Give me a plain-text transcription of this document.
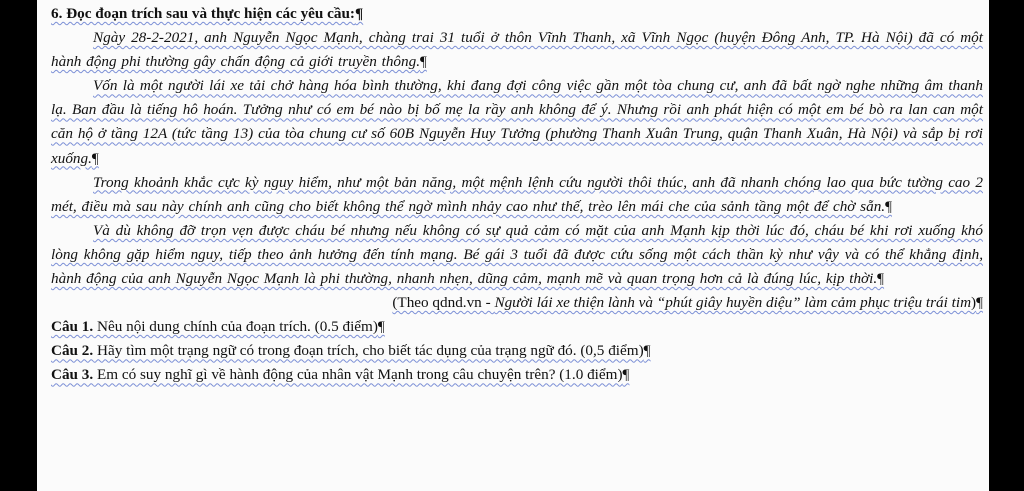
6. Đọc đoạn trích sau và thực hiện các yêu cầu:¶
Ngày 28-2-2021, anh Nguyễn Ngọc Mạnh, chàng trai 31 tuổi ở thôn Vĩnh Thanh, xã Vĩnh Ngọc (huyện Đông Anh, TP. Hà Nội) đã có một hành động phi thường gây chấn động cả giới truyền thông.¶
Vốn là một người lái xe tải chở hàng hóa bình thường, khi đang đợi công việc gần một tòa chung cư, anh đã bất ngờ nghe những âm thanh lạ. Ban đầu là tiếng hô hoán. Tưởng như có em bé nào bị bố mẹ la rầy anh không để ý. Nhưng rồi anh phát hiện có một em bé bò ra lan can một căn hộ ở tầng 12A (tức tầng 13) của tòa chung cư số 60B Nguyễn Huy Tưởng (phường Thanh Xuân Trung, quận Thanh Xuân, Hà Nội) và sắp bị rơi xuống.¶
Trong khoảnh khắc cực kỳ nguy hiểm, như một bản năng, một mệnh lệnh cứu người thôi thúc, anh đã nhanh chóng lao qua bức tường cao 2 mét, điều mà sau này chính anh cũng cho biết không thể ngờ mình nhảy cao như thế, trèo lên mái che của sảnh tầng một để chờ sẵn.¶
Và dù không đỡ trọn vẹn được cháu bé nhưng nếu không có sự quả cảm có mặt của anh Mạnh kịp thời lúc đó, cháu bé khi rơi xuống khó lòng không gặp hiểm nguy, tiếp theo ảnh hưởng đến tính mạng. Bé gái 3 tuổi đã được cứu sống một cách thần kỳ như vậy và có thể khẳng định, hành động của anh Nguyễn Ngọc Mạnh là phi thường, nhanh nhẹn, dũng cảm, mạnh mẽ và quan trọng hơn cả là đúng lúc, kịp thời.¶
(Theo qdnd.vn - Người lái xe thiện lành và “phút giây huyền diệu” làm cảm phục triệu trái tim)¶
Câu 1. Nêu nội dung chính của đoạn trích. (0.5 điểm)¶
Câu 2. Hãy tìm một trạng ngữ có trong đoạn trích, cho biết tác dụng của trạng ngữ đó. (0,5 điểm)¶
Câu 3. Em có suy nghĩ gì về hành động của nhân vật Mạnh trong câu chuyện trên? (1.0 điểm)¶
